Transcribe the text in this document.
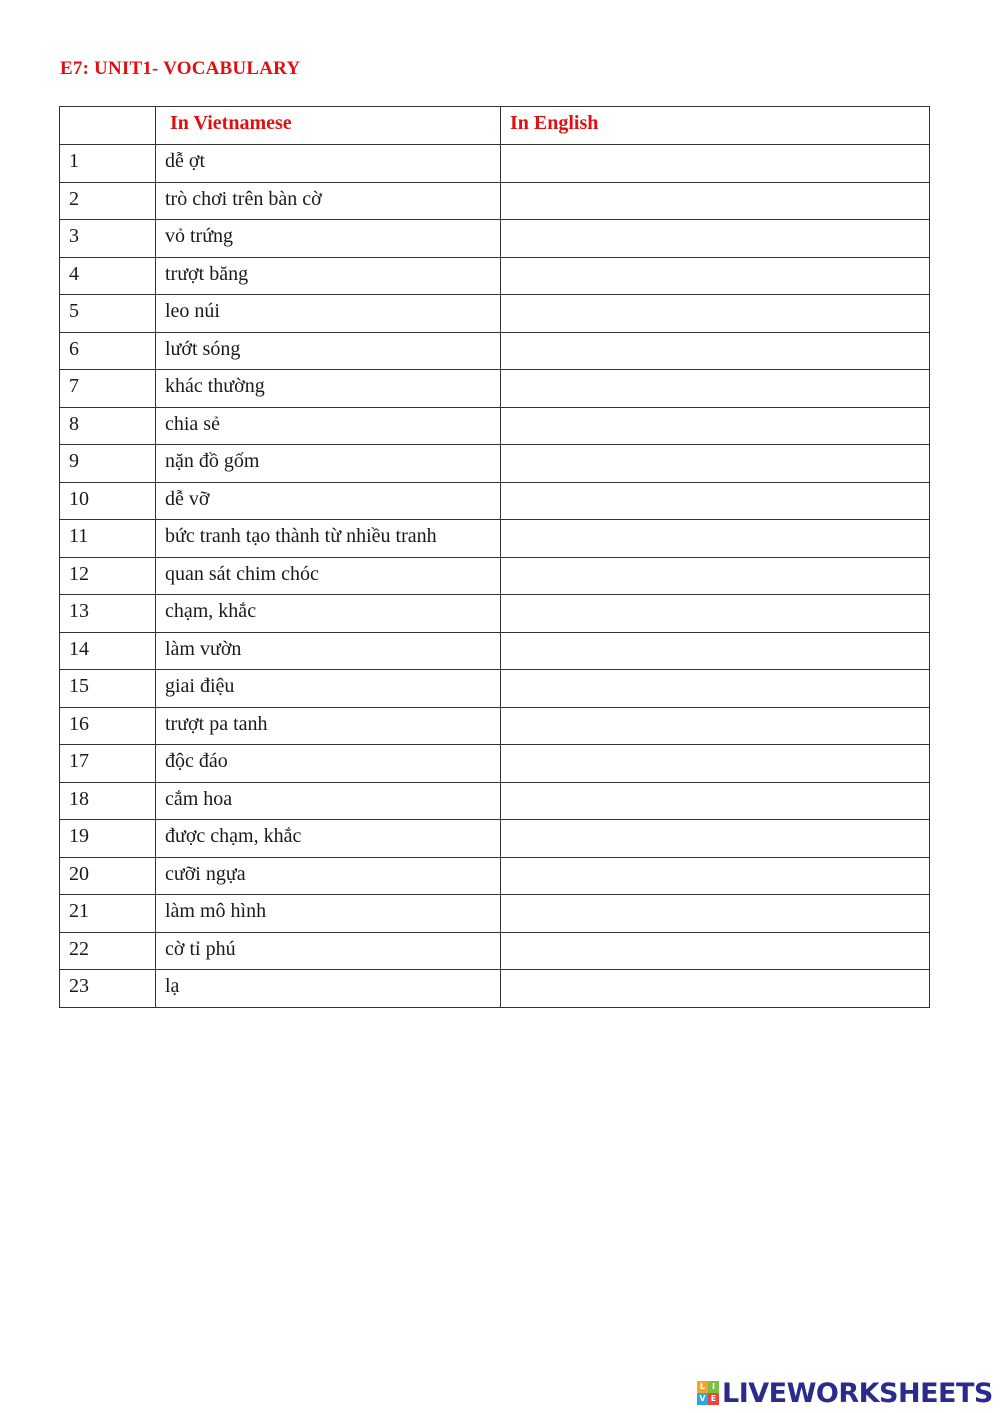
E7: UNIT1- VOCABULARY
	In Vietnamese	In English
1	dễ ợt	
2	trò chơi trên bàn cờ	
3	vỏ trứng	
4	trượt băng	
5	leo núi	
6	lướt sóng	
7	khác thường	
8	chia sẻ	
9	nặn đồ gốm	
10	dễ vỡ	
11	bức tranh tạo thành từ nhiều tranh	
12	quan sát chim chóc	
13	chạm, khắc	
14	làm vườn	
15	giai điệu	
16	trượt pa tanh	
17	độc đáo	
18	cắm hoa	
19	được chạm, khắc	
20	cưỡi ngựa	
21	làm mô hình	
22	cờ tỉ phú	
23	lạ	
L I
V E LIVEWORKSHEETS
